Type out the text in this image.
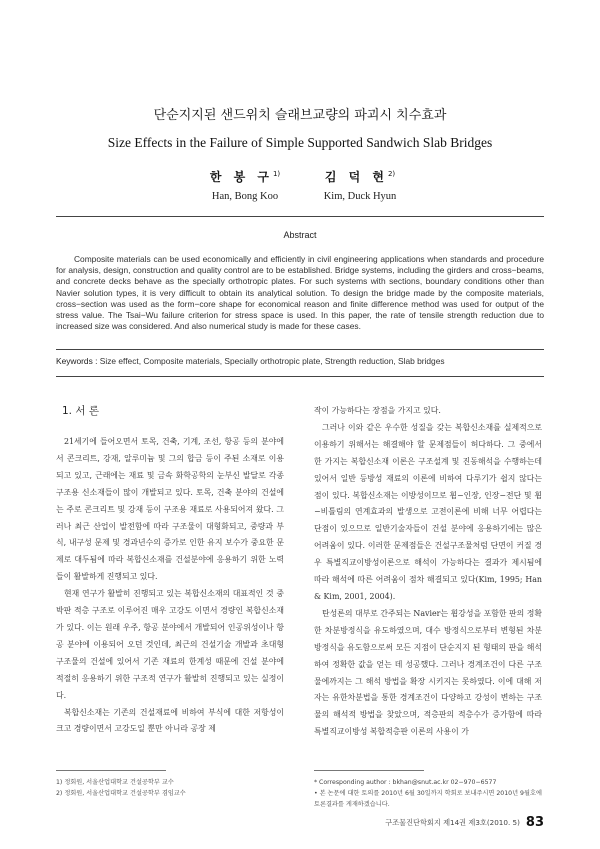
단순지지된 샌드위치 슬래브교량의 파괴시 치수효과
Size Effects in the Failure of Simple Supported Sandwich Slab Bridges
한 봉 구$^{1)}$
Han, Bong Koo
김 덕 현$^{2)}$
Kim, Duck Hyun
Abstract
Composite materials can be used economically and efficiently in civil engineering applications when standards and procedure for analysis, design, construction and quality control are to be established. Bridge systems, including the girders and cross−beams, and concrete decks behave as the specially orthotropic plates. For such systems with sections, boundary conditions other than Navier solution types, it is very difficult to obtain its analytical solution. To design the bridge made by the composite materials, cross−section was used as the form−core shape for economical reason and finite difference method was used for output of the stress value. The Tsai−Wu failure criterion for stress space is used. In this paper, the rate of tensile strength reduction due to increased size was considered. And also numerical study is made for these cases.
Keywords : Size effect, Composite materials, Specially orthotropic plate, Strength reduction, Slab bridges
1. 서 론

21세기에 들어오면서 토목, 건축, 기계, 조선, 항공 등의 분야에서 콘크리트, 강재, 알루미늄 및 그의 합금 등이 주된 소재로 이용되고 있고, 근래에는 재료 및 금속 화학공학의 눈부신 발달로 각종 구조용 신소재들이 많이 개발되고 있다. 토목, 건축 분야의 건설에는 주로 콘크리트 및 강재 등이 구조용 재료로 사용되어져 왔다. 그러나 최근 산업이 발전함에 따라 구조물이 대형화되고, 중량과 부식, 내구성 문제 및 경과년수의 증가로 인한 유지 보수가 중요한 문제로 대두됨에 따라 복합신소재를 건설분야에 응용하기 위한 노력들이 활발하게 진행되고 있다.

현재 연구가 활발히 진행되고 있는 복합신소재의 대표적인 것 중 박판 적층 구조로 이루어진 매우 고강도 이면서 경량인 복합신소재가 있다. 이는 원래 우주, 항공 분야에서 개발되어 인공위성이나 항공 분야에 이용되어 오던 것인데, 최근의 건설기술 개발과 초대형 구조물의 건설에 있어서 기존 재료의 한계성 때문에 건설 분야에 적절히 응용하기 위한 구조적 연구가 활발히 진행되고 있는 실정이다.

복합신소재는 기존의 건설재료에 비하여 부식에 대한 저항성이 크고 경량이면서 고강도일 뿐만 아니라 공장 제

작이 가능하다는 장점을 가지고 있다.

그러나 이와 같은 우수한 성질을 갖는 복합신소재를 실제적으로 이용하기 위해서는 해결해야 할 문제점들이 허다하다. 그 중에서 한 가지는 복합신소재 이론은 구조설계 및 진동해석을 수행하는데 있어서 일반 등방성 재료의 이론에 비하여 다루기가 쉽지 않다는 점이 있다. 복합신소재는 이방성이므로 휨−인장, 인장−전단 및 휨−비틀림의 연계효과의 발생으로 고전이론에 비해 너무 어렵다는 단점이 있으므로 일반기술자들이 건설 분야에 응용하기에는 많은 어려움이 있다. 이러한 문제점들은 건설구조물처럼 단면이 커질 경우 특별직교이방성이론으로 해석이 가능하다는 결과가 제시됨에 따라 해석에 따른 어려움이 점차 해결되고 있다(Kim, 1995; Han & Kim, 2001, 2004).

탄성론의 대부로 간주되는 Navier는 휨강성을 포함한 판의 정확한 차분방정식을 유도하였으며, 대수 방정식으로부터 변형된 차분방정식을 유도함으로써 모든 지점이 단순지지 된 형태의 판을 해석하여 정확한 값을 얻는 데 성공했다. 그러나 경계조건이 다른 구조물에까지는 그 해석 방법을 확장 시키지는 못하였다. 이에 대해 저자는 유한차분법을 통한 경계조건이 다양하고 강성이 변하는 구조물의 해석적 방법을 찾았으며, 적층판의 적층수가 증가함에 따라 특별직교이방성 복합적층판 이론의 사용이 가

1) 정회원, 서울산업대학교 건설공학부 교수
2) 정회원, 서울산업대학교 건설공학부 겸임교수
* Corresponding author : bkhan@snut.ac.kr 02−970−6577
• 본 논문에 대한 토의를 2010년 6월 30일까지 학회로 보내주시면 2010년 9월호에 토론결과를 게재하겠습니다.
구조물진단학회지 제14권 제3호(2010. 5) 83
